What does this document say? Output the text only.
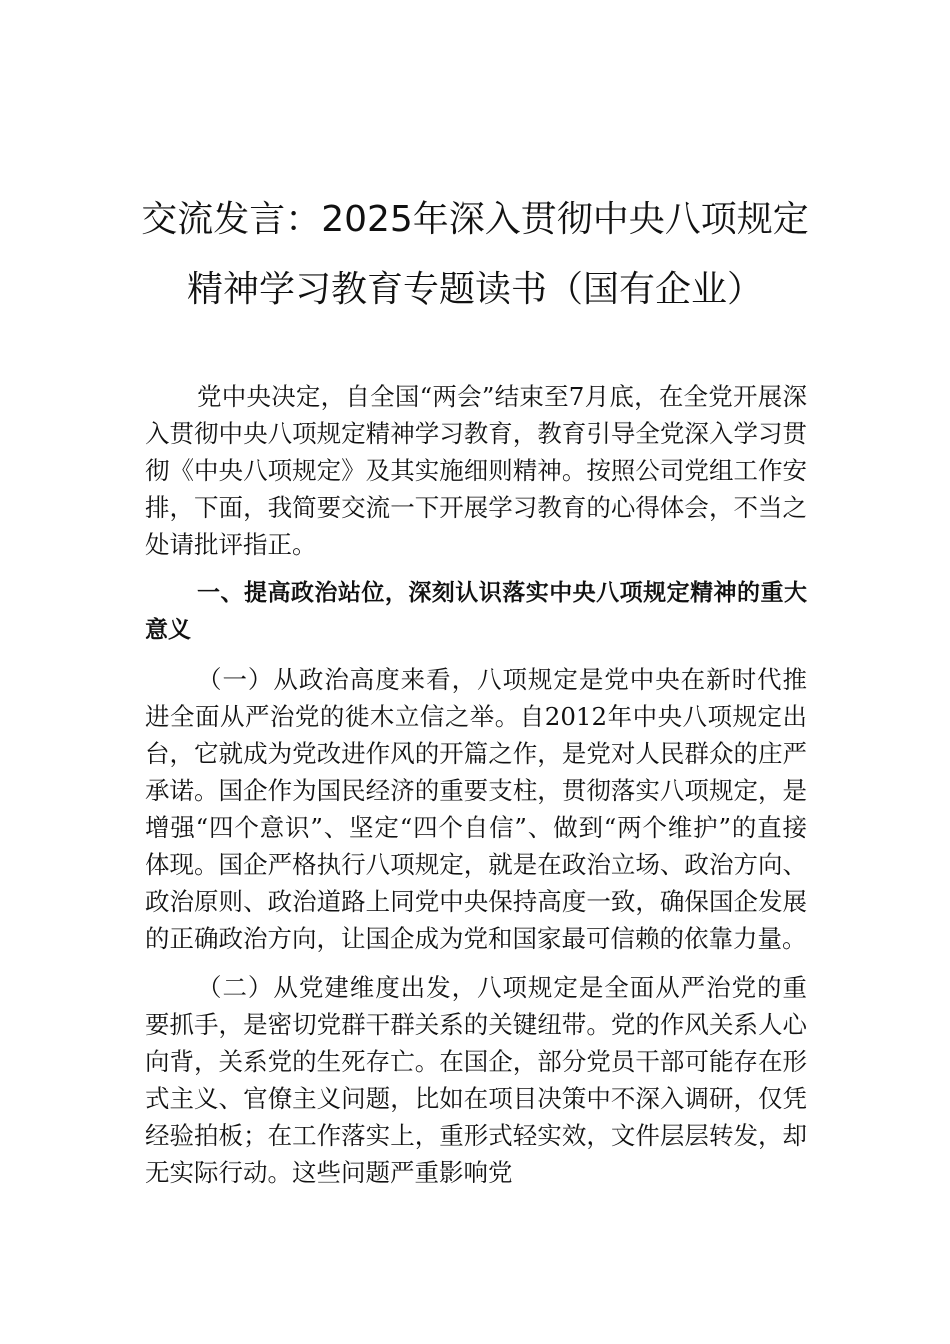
交流发言：2025年深入贯彻中央八项规定
精神学习教育专题读书（国有企业）

党中央决定，自全国“两会”结束至7月底，在全党开展深入贯彻中央八项规定精神学习教育，教育引导全党深入学习贯彻《中央八项规定》及其实施细则精神。按照公司党组工作安排，下面，我简要交流一下开展学习教育的心得体会，不当之处请批评指正。

一、提高政治站位，深刻认识落实中央八项规定精神的重大意义

（一）从政治高度来看，八项规定是党中央在新时代推进全面从严治党的徙木立信之举。自2012年中央八项规定出台，它就成为党改进作风的开篇之作，是党对人民群众的庄严承诺。国企作为国民经济的重要支柱，贯彻落实八项规定，是增强“四个意识”、坚定“四个自信”、做到“两个维护”的直接体现。国企严格执行八项规定，就是在政治立场、政治方向、政治原则、政治道路上同党中央保持高度一致，确保国企发展的正确政治方向，让国企成为党和国家最可信赖的依靠力量。

（二）从党建维度出发，八项规定是全面从严治党的重要抓手，是密切党群干群关系的关键纽带。党的作风关系人心向背，关系党的生死存亡。在国企，部分党员干部可能存在形式主义、官僚主义问题，比如在项目决策中不深入调研，仅凭经验拍板；在工作落实上，重形式轻实效，文件层层转发，却无实际行动。这些问题严重影响党
